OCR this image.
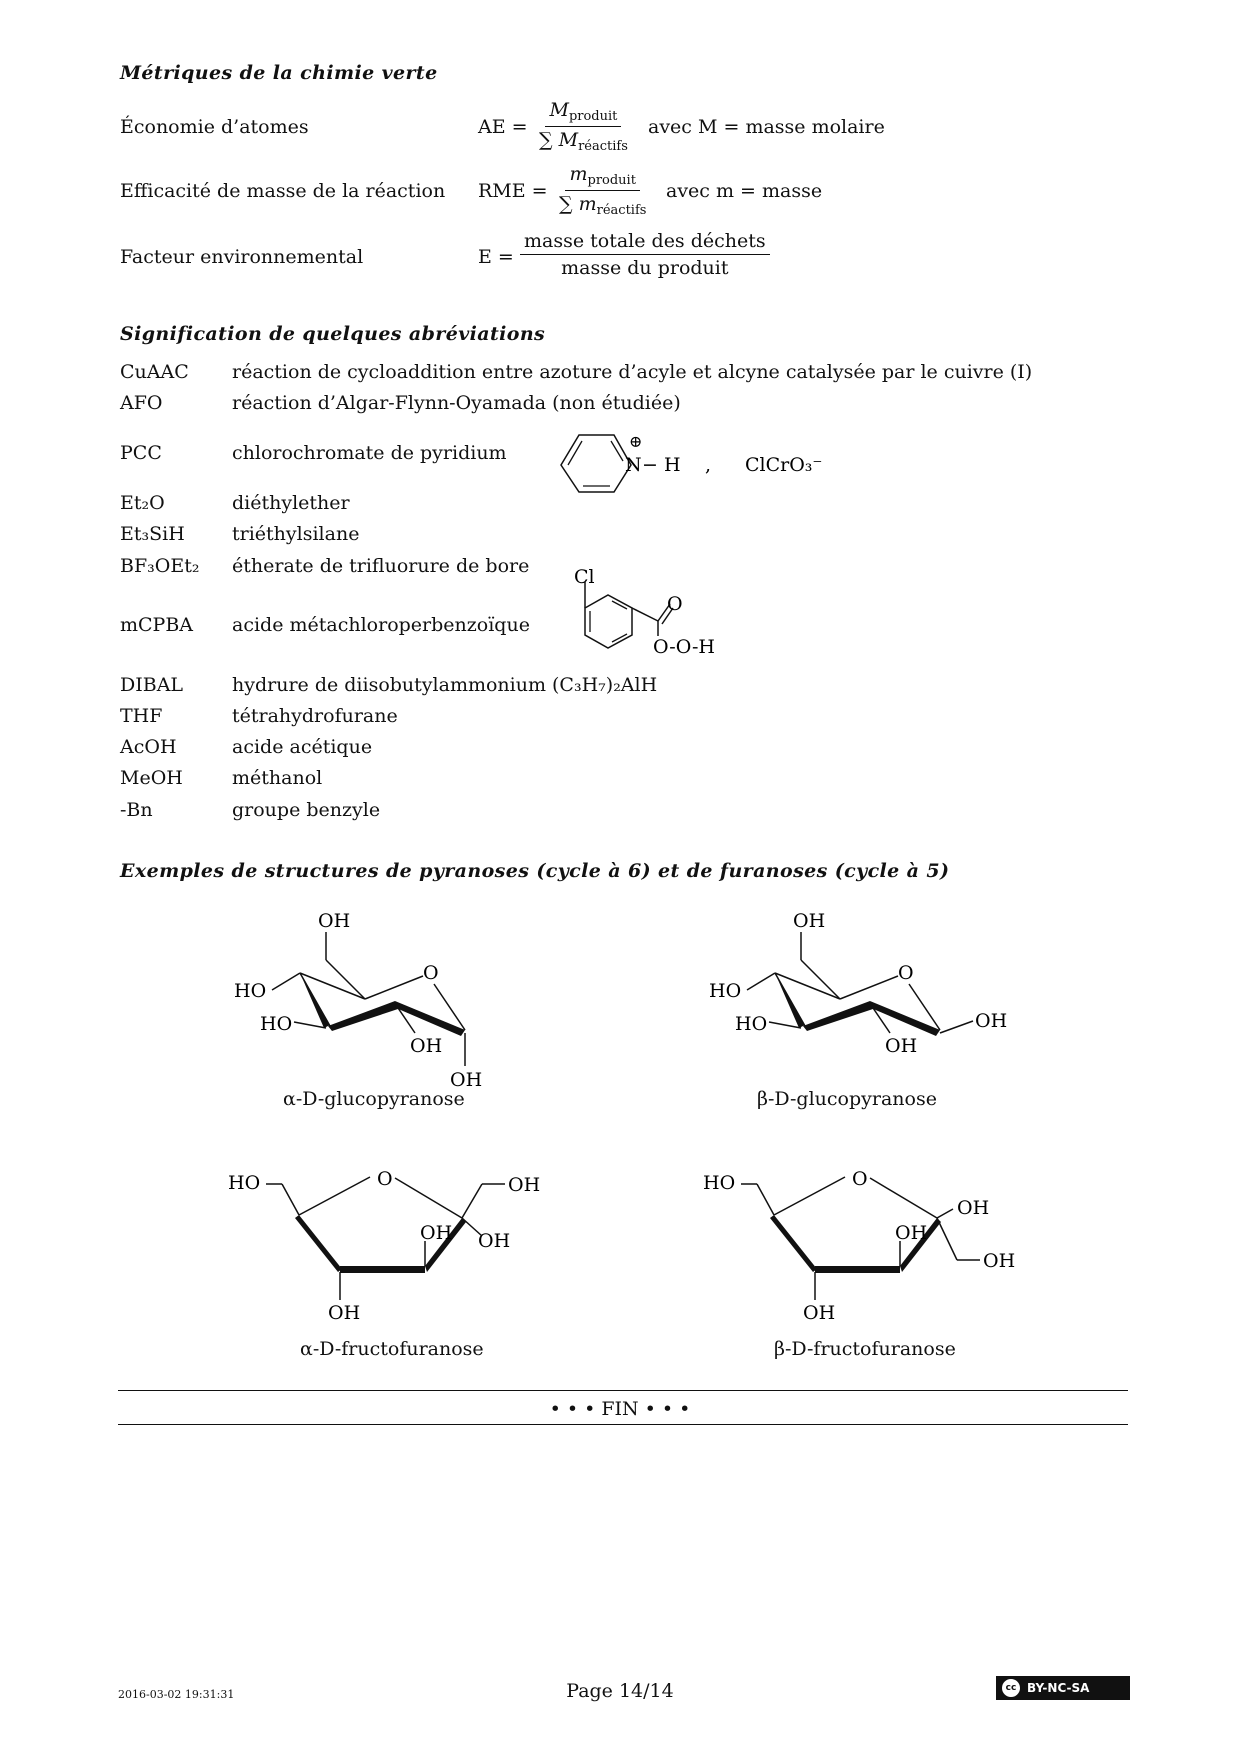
Métriques de la chimie verte
Économie d’atomes	AE =
$M_{produit}$
∑ $M_{réactifs}$
avec M = masse molaire
Efficacité de masse de la réaction RME =
$m_{produit}$
∑ $m_{réactifs}$
avec m = masse
Facteur environnemental	E =
masse totale des déchets
masse du produit
Signification de quelques abréviations
CuAAC réaction de cycloaddition entre azoture d’acyle et alcyne catalysée par le cuivre (I)
AFO	réaction d’Algar-Flynn-Oyamada (non étudiée)
PCC	chlorochromate de pyridium
N
⊕
− H , ClCrO₃⁻
Et₂O	diéthylether
Et₃SiH triéthylsilane
BF₃OEt₂ étherate de trifluorure de bore
mCPBA acide métachloroperbenzoïque
Cl
O
O-O-H
DIBAL	hydrure de diisobutylammonium (C₃H₇)₂AlH
THF	tétrahydrofurane
AcOH	acide acétique
MeOH	méthanol
-Bn	groupe benzyle
Exemples de structures de pyranoses (cycle à 6) et de furanoses (cycle à 5)
OH
O
HO
HO
OH
OH
α-D-glucopyranose
OH
O
HO
HO
OH
OH
β-D-glucopyranose
HO	O
OH
OH
OH
OH
α-D-fructofuranose
HO	O
OH
OH
OH
OH
β-D-fructofuranose
• • • FIN • • •
2016-03-02 19:31:31	Page 14/14	cc BY-NC-SA
